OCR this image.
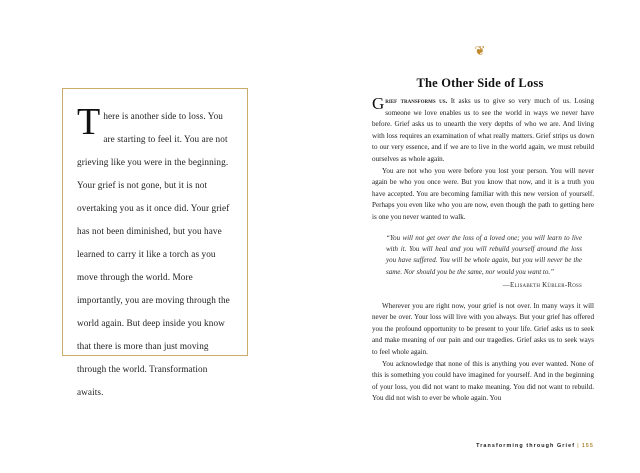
There is another side to loss. You are starting to feel it. You are not grieving like you were in the beginning. Your grief is not gone, but it is not overtaking you as it once did. Your grief has not been diminished, but you have learned to carry it like a torch as you move through the world. More importantly, you are moving through the world again. But deep inside you know that there is more than just moving through the world. Transformation awaits.
❦
The Other Side of Loss

Grief transforms us. It asks us to give so very much of us. Losing someone we love enables us to see the world in ways we never have before. Grief asks us to unearth the very depths of who we are. And living with loss requires an examination of what really matters. Grief strips us down to our very essence, and if we are to live in the world again, we must rebuild ourselves as whole again.

You are not who you were before you lost your person. You will never again be who you once were. But you know that now, and it is a truth you have accepted. You are becoming familiar with this new version of yourself. Perhaps you even like who you are now, even though the path to getting here is one you never wanted to walk.

“You will not get over the loss of a loved one; you will learn to live with it. You will heal and you will rebuild yourself around the loss you have suffered. You will be whole again, but you will never be the same. Nor should you be the same, nor would you want to.”
—Elisabeth Kübler-Ross

Wherever you are right now, your grief is not over. In many ways it will never be over. Your loss will live with you always. But your grief has offered you the profound opportunity to be present to your life. Grief asks us to seek and make meaning of our pain and our tragedies. Grief asks us to seek ways to feel whole again.

You acknowledge that none of this is anything you ever wanted. None of this is something you could have imagined for yourself. And in the beginning of your loss, you did not want to make meaning. You did not want to rebuild. You did not wish to ever be whole again. You

Transforming through Grief | 155
